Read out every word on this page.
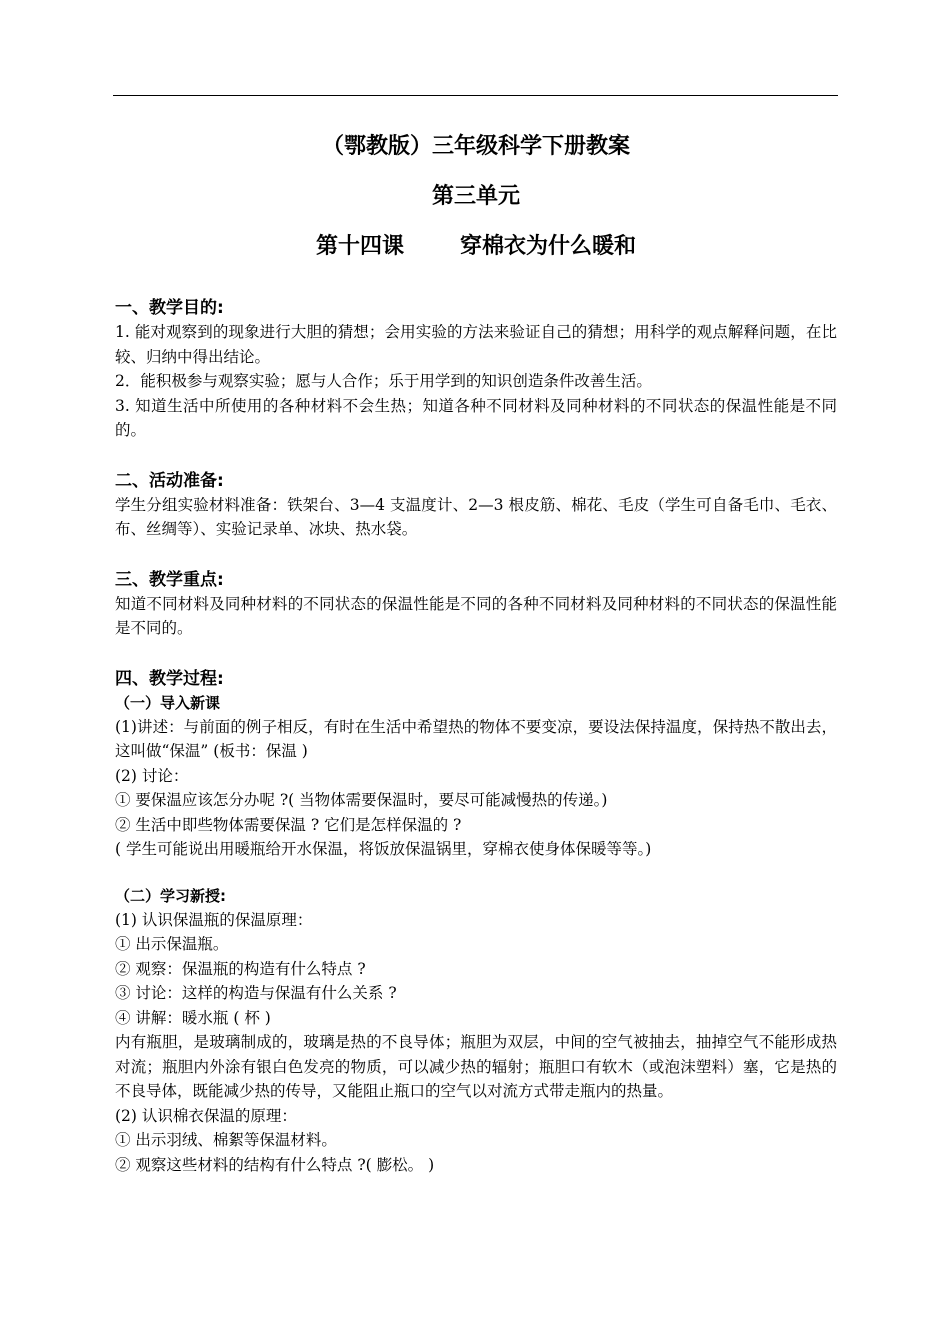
（鄂教版）三年级科学下册教案

第三单元

第十四课	穿棉衣为什么暖和

一、教学目的:

1. 能对观察到的现象进行大胆的猜想；会用实验的方法来验证自己的猜想；用科学的观点解释问题，在比较、归纳中得出结论。

2．能积极参与观察实验；愿与人合作；乐于用学到的知识创造条件改善生活。

3. 知道生活中所使用的各种材料不会生热；知道各种不同材料及同种材料的不同状态的保温性能是不同的。

二、活动准备:

学生分组实验材料准备：铁架台、3—4 支温度计、2—3 根皮筋、棉花、毛皮（学生可自备毛巾、毛衣、布、丝绸等）、实验记录单、冰块、热水袋。

三、教学重点:

知道不同材料及同种材料的不同状态的保温性能是不同的各种不同材料及同种材料的不同状态的保温性能是不同的。

四、教学过程:

（一）导入新课

(1)讲述：与前面的例子相反，有时在生活中希望热的物体不要变凉，要设法保持温度，保持热不散出去，这叫做“保温” (板书：保温 )

(2) 讨论：

① 要保温应该怎分办呢 ?( 当物体需要保温时，要尽可能减慢热的传递。)

② 生活中即些物体需要保温 ? 它们是怎样保温的 ?

( 学生可能说出用暖瓶给开水保温，将饭放保温锅里，穿棉衣使身体保暖等等。)

（二）学习新授:

(1) 认识保温瓶的保温原理：

① 出示保温瓶。

② 观察：保温瓶的构造有什么特点 ?

③ 讨论：这样的构造与保温有什么关系 ?

④ 讲解：暖水瓶 ( 杯 )

内有瓶胆，是玻璃制成的，玻璃是热的不良导体；瓶胆为双层，中间的空气被抽去，抽掉空气不能形成热对流；瓶胆内外涂有银白色发亮的物质，可以减少热的辐射；瓶胆口有软木（或泡沫塑料）塞，它是热的不良导体，既能减少热的传导，又能阻止瓶口的空气以对流方式带走瓶内的热量。

(2) 认识棉衣保温的原理：

① 出示羽绒、棉絮等保温材料。

② 观察这些材料的结构有什么特点 ?( 膨松。 )
